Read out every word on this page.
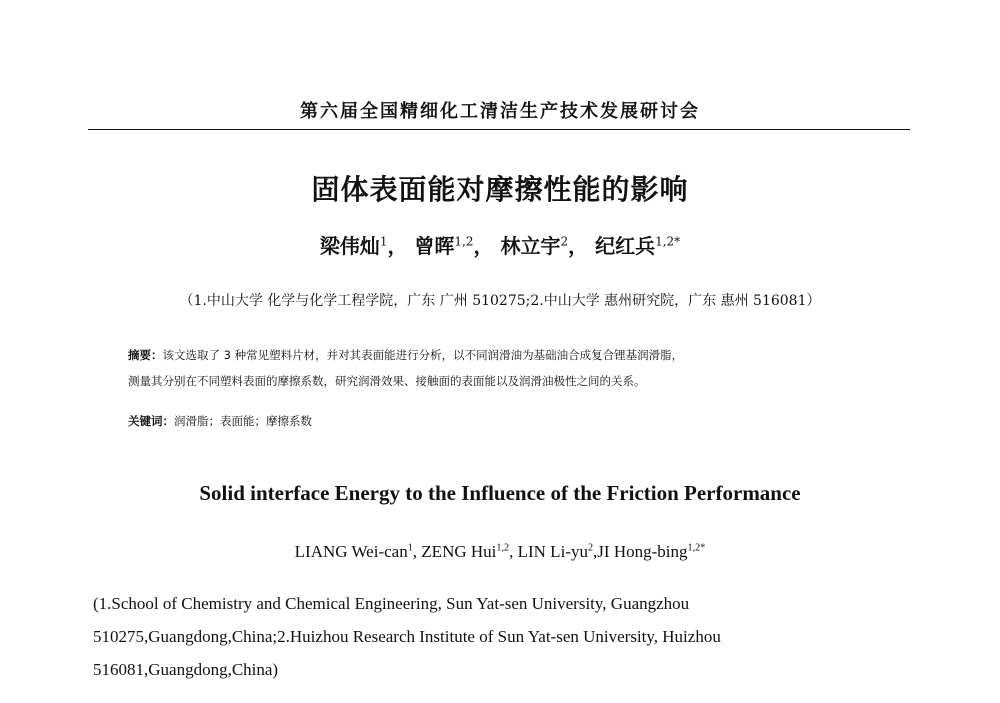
第六届全国精细化工清洁生产技术发展研讨会
固体表面能对摩擦性能的影响
梁伟灿$^1$， 曾晖$^{1,2}$， 林立宇$^2$， 纪红兵$^{1,2*}$
（1.中山大学 化学与化学工程学院，广东 广州 510275;2.中山大学 惠州研究院，广东 惠州 516081）
摘要：该文选取了 3 种常见塑料片材，并对其表面能进行分析，以不同润滑油为基础油合成复合锂基润滑脂，
测量其分别在不同塑料表面的摩擦系数，研究润滑效果、接触面的表面能以及润滑油极性之间的关系。
关键词：润滑脂；表面能；摩擦系数
Solid interface Energy to the Influence of the Friction Performance
LIANG Wei-can$^1$, ZENG Hui$^{1,2}$, LIN $Li-yu^2,JI$ Hong-bing$^{1,2*}$
(1.School of Chemistry and Chemical Engineering, Sun Yat-sen University, Guangzhou
510275,Guangdong,China;2.Huizhou Research Institute of Sun Yat-sen University, Huizhou
516081,Guangdong,China)
